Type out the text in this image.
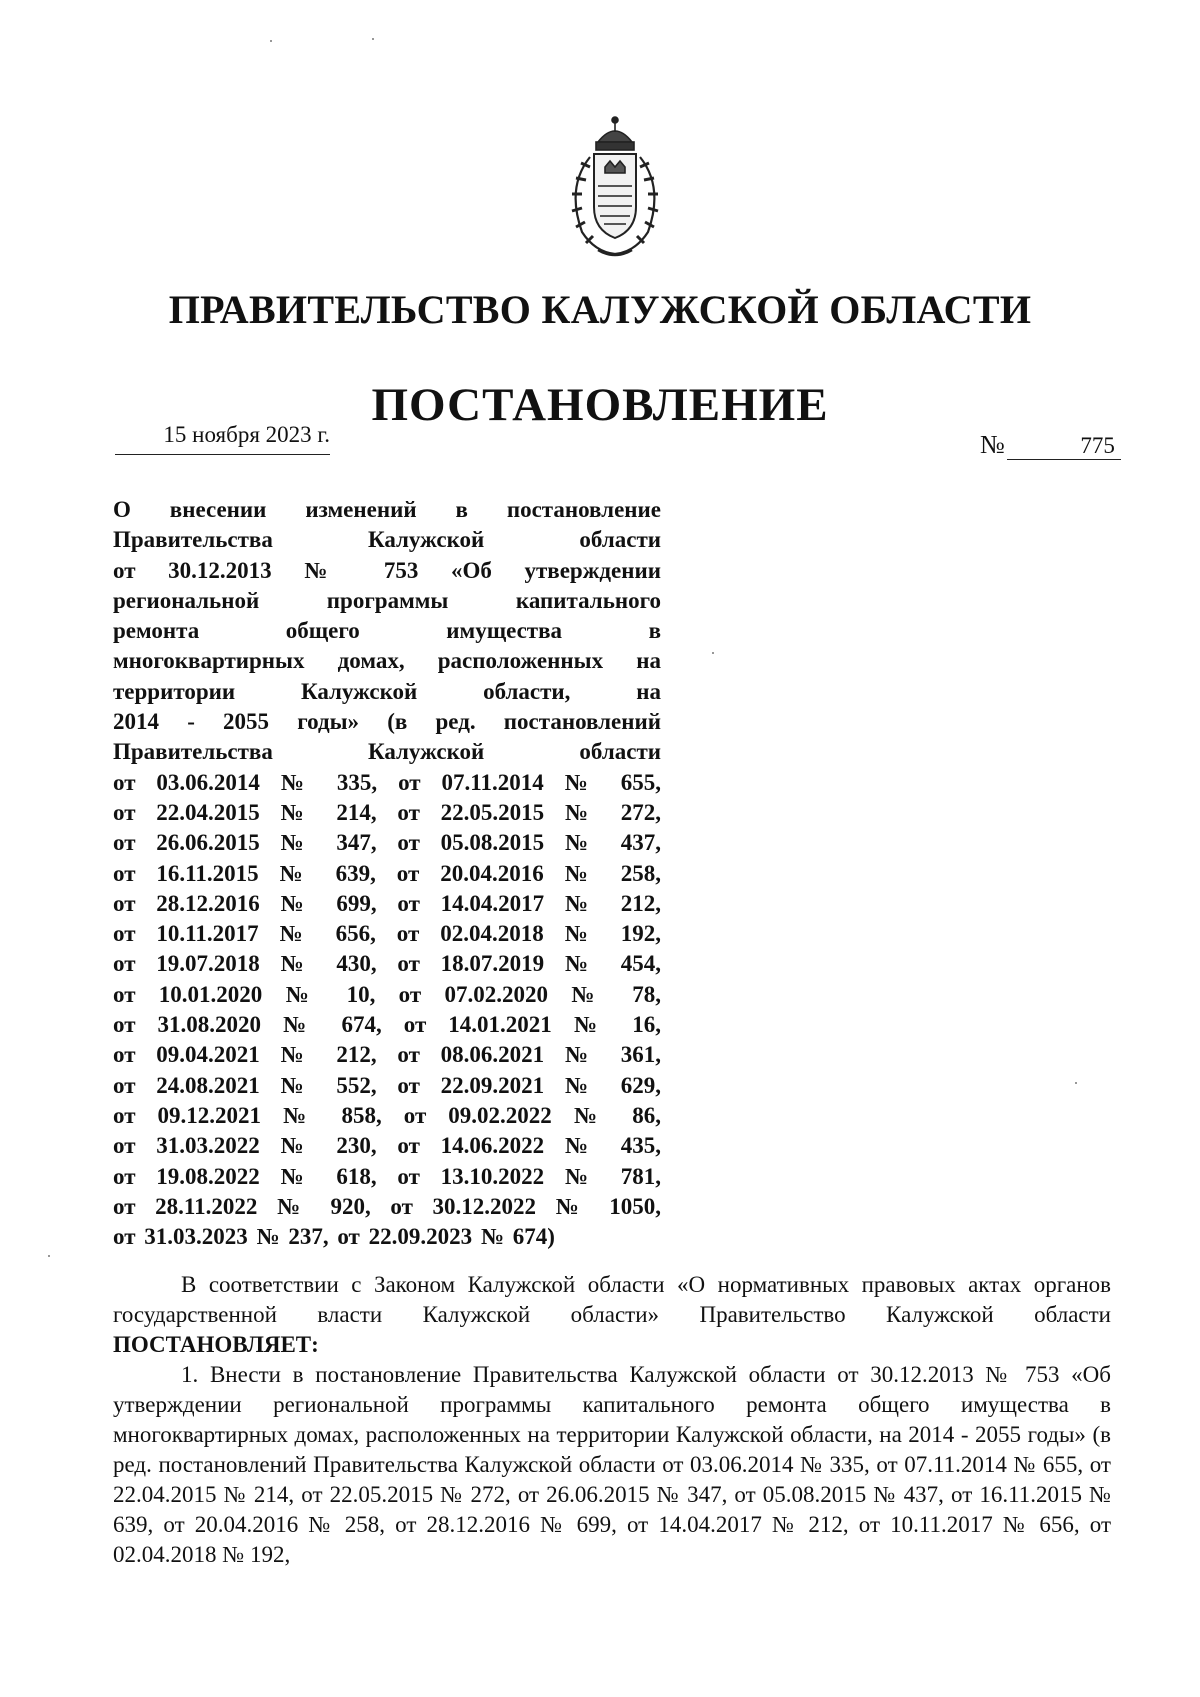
ПРАВИТЕЛЬСТВО КАЛУЖСКОЙ ОБЛАСТИ
ПОСТАНОВЛЕНИЕ
15 ноября 2023 г.	№	775
О внесении изменений в постановление
Правительства Калужской области
от 30.12.2013 № 753 «Об утверждении
региональной программы капитального
ремонта общего имущества в
многоквартирных домах, расположенных на
территории Калужской области, на
2014 - 2055 годы» (в ред. постановлений
Правительства Калужской области
от 03.06.2014 № 335, от 07.11.2014 № 655,
от 22.04.2015 № 214, от 22.05.2015 № 272,
от 26.06.2015 № 347, от 05.08.2015 № 437,
от 16.11.2015 № 639, от 20.04.2016 № 258,
от 28.12.2016 № 699, от 14.04.2017 № 212,
от 10.11.2017 № 656, от 02.04.2018 № 192,
от 19.07.2018 № 430, от 18.07.2019 № 454,
от 10.01.2020 № 10, от 07.02.2020 № 78,
от 31.08.2020 № 674, от 14.01.2021 № 16,
от 09.04.2021 № 212, от 08.06.2021 № 361,
от 24.08.2021 № 552, от 22.09.2021 № 629,
от 09.12.2021 № 858, от 09.02.2022 № 86,
от 31.03.2022 № 230, от 14.06.2022 № 435,
от 19.08.2022 № 618, от 13.10.2022 № 781,
от 28.11.2022 № 920, от 30.12.2022 № 1050,
от 31.03.2023 № 237, от 22.09.2023 № 674)

В соответствии с Законом Калужской области «О нормативных правовых актах органов государственной власти Калужской области» Правительство Калужской области ПОСТАНОВЛЯЕТ:

1. Внести в постановление Правительства Калужской области от 30.12.2013 № 753 «Об утверждении региональной программы капитального ремонта общего имущества в многоквартирных домах, расположенных на территории Калужской области, на 2014 - 2055 годы» (в ред. постановлений Правительства Калужской области от 03.06.2014 № 335, от 07.11.2014 № 655, от 22.04.2015 № 214, от 22.05.2015 № 272, от 26.06.2015 № 347, от 05.08.2015 № 437, от 16.11.2015 № 639, от 20.04.2016 № 258, от 28.12.2016 № 699, от 14.04.2017 № 212, от 10.11.2017 № 656, от 02.04.2018 № 192,
